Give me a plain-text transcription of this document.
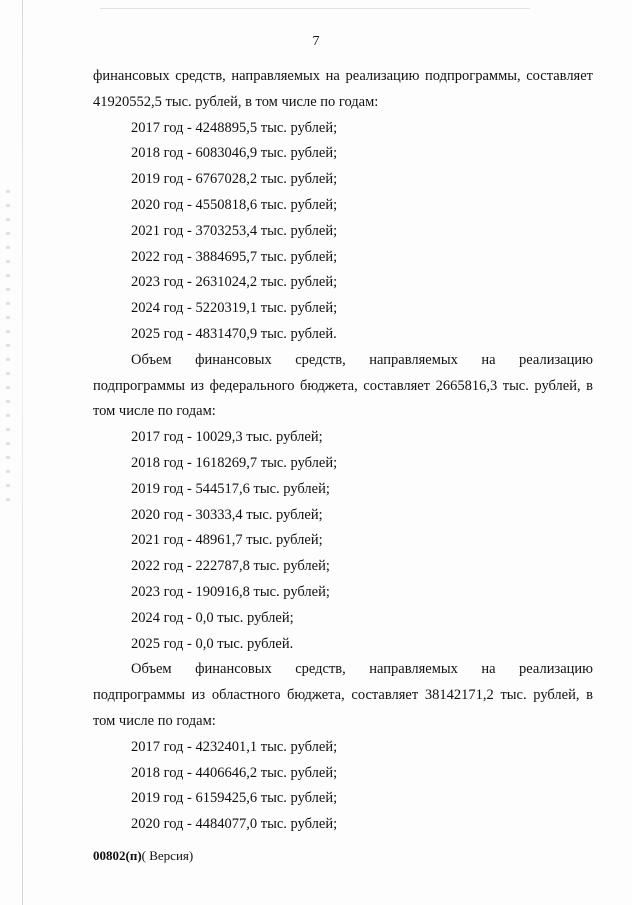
7

финансовых средств, направляемых на реализацию подпрограммы, составляет

41920552,5 тыс. рублей, в том числе по годам:

2017 год - 4248895,5 тыс. рублей;

2018 год - 6083046,9 тыс. рублей;

2019 год - 6767028,2 тыс. рублей;

2020 год - 4550818,6 тыс. рублей;

2021 год - 3703253,4 тыс. рублей;

2022 год - 3884695,7 тыс. рублей;

2023 год - 2631024,2 тыс. рублей;

2024 год - 5220319,1 тыс. рублей;

2025 год - 4831470,9 тыс. рублей.

Объем финансовых средств, направляемых на реализацию

подпрограммы из федерального бюджета, составляет 2665816,3 тыс. рублей, в

том числе по годам:

2017 год - 10029,3 тыс. рублей;

2018 год - 1618269,7 тыс. рублей;

2019 год - 544517,6 тыс. рублей;

2020 год - 30333,4 тыс. рублей;

2021 год - 48961,7 тыс. рублей;

2022 год - 222787,8 тыс. рублей;

2023 год - 190916,8 тыс. рублей;

2024 год - 0,0 тыс. рублей;

2025 год - 0,0 тыс. рублей.

Объем финансовых средств, направляемых на реализацию

подпрограммы из областного бюджета, составляет 38142171,2 тыс. рублей, в

том числе по годам:

2017 год - 4232401,1 тыс. рублей;

2018 год - 4406646,2 тыс. рублей;

2019 год - 6159425,6 тыс. рублей;

2020 год - 4484077,0 тыс. рублей;

00802(п)( Версия)
